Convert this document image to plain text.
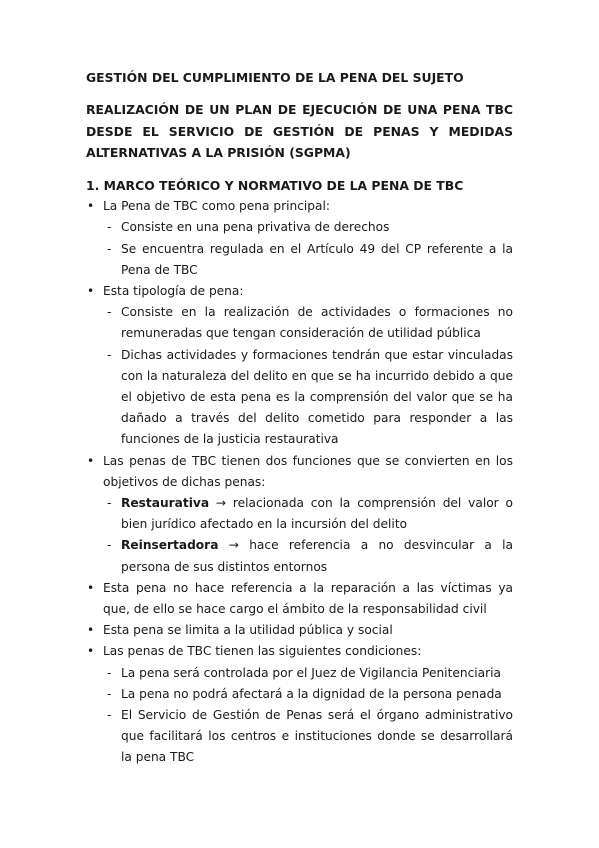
GESTIÓN DEL CUMPLIMIENTO DE LA PENA DEL SUJETO
REALIZACIÓN DE UN PLAN DE EJECUCIÓN DE UNA PENA TBC DESDE EL SERVICIO DE GESTIÓN DE PENAS Y MEDIDAS ALTERNATIVAS A LA PRISIÓN (SGPMA)
1. MARCO TEÓRICO Y NORMATIVO DE LA PENA DE TBC
• La Pena de TBC como pena principal:
- Consiste en una pena privativa de derechos
- Se encuentra regulada en el Artículo 49 del CP referente a la Pena de TBC
• Esta tipología de pena:
- Consiste en la realización de actividades o formaciones no remuneradas que tengan consideración de utilidad pública
- Dichas actividades y formaciones tendrán que estar vinculadas con la naturaleza del delito en que se ha incurrido debido a que el objetivo de esta pena es la comprensión del valor que se ha dañado a través del delito cometido para responder a las funciones de la justicia restaurativa
• Las penas de TBC tienen dos funciones que se convierten en los objetivos de dichas penas:
- Restaurativa → relacionada con la comprensión del valor o bien jurídico afectado en la incursión del delito
- Reinsertadora → hace referencia a no desvincular a la persona de sus distintos entornos
• Esta pena no hace referencia a la reparación a las víctimas ya que, de ello se hace cargo el ámbito de la responsabilidad civil
• Esta pena se limita a la utilidad pública y social
• Las penas de TBC tienen las siguientes condiciones:
- La pena será controlada por el Juez de Vigilancia Penitenciaria
- La pena no podrá afectará a la dignidad de la persona penada
- El Servicio de Gestión de Penas será el órgano administrativo que facilitará los centros e instituciones donde se desarrollará la pena TBC
